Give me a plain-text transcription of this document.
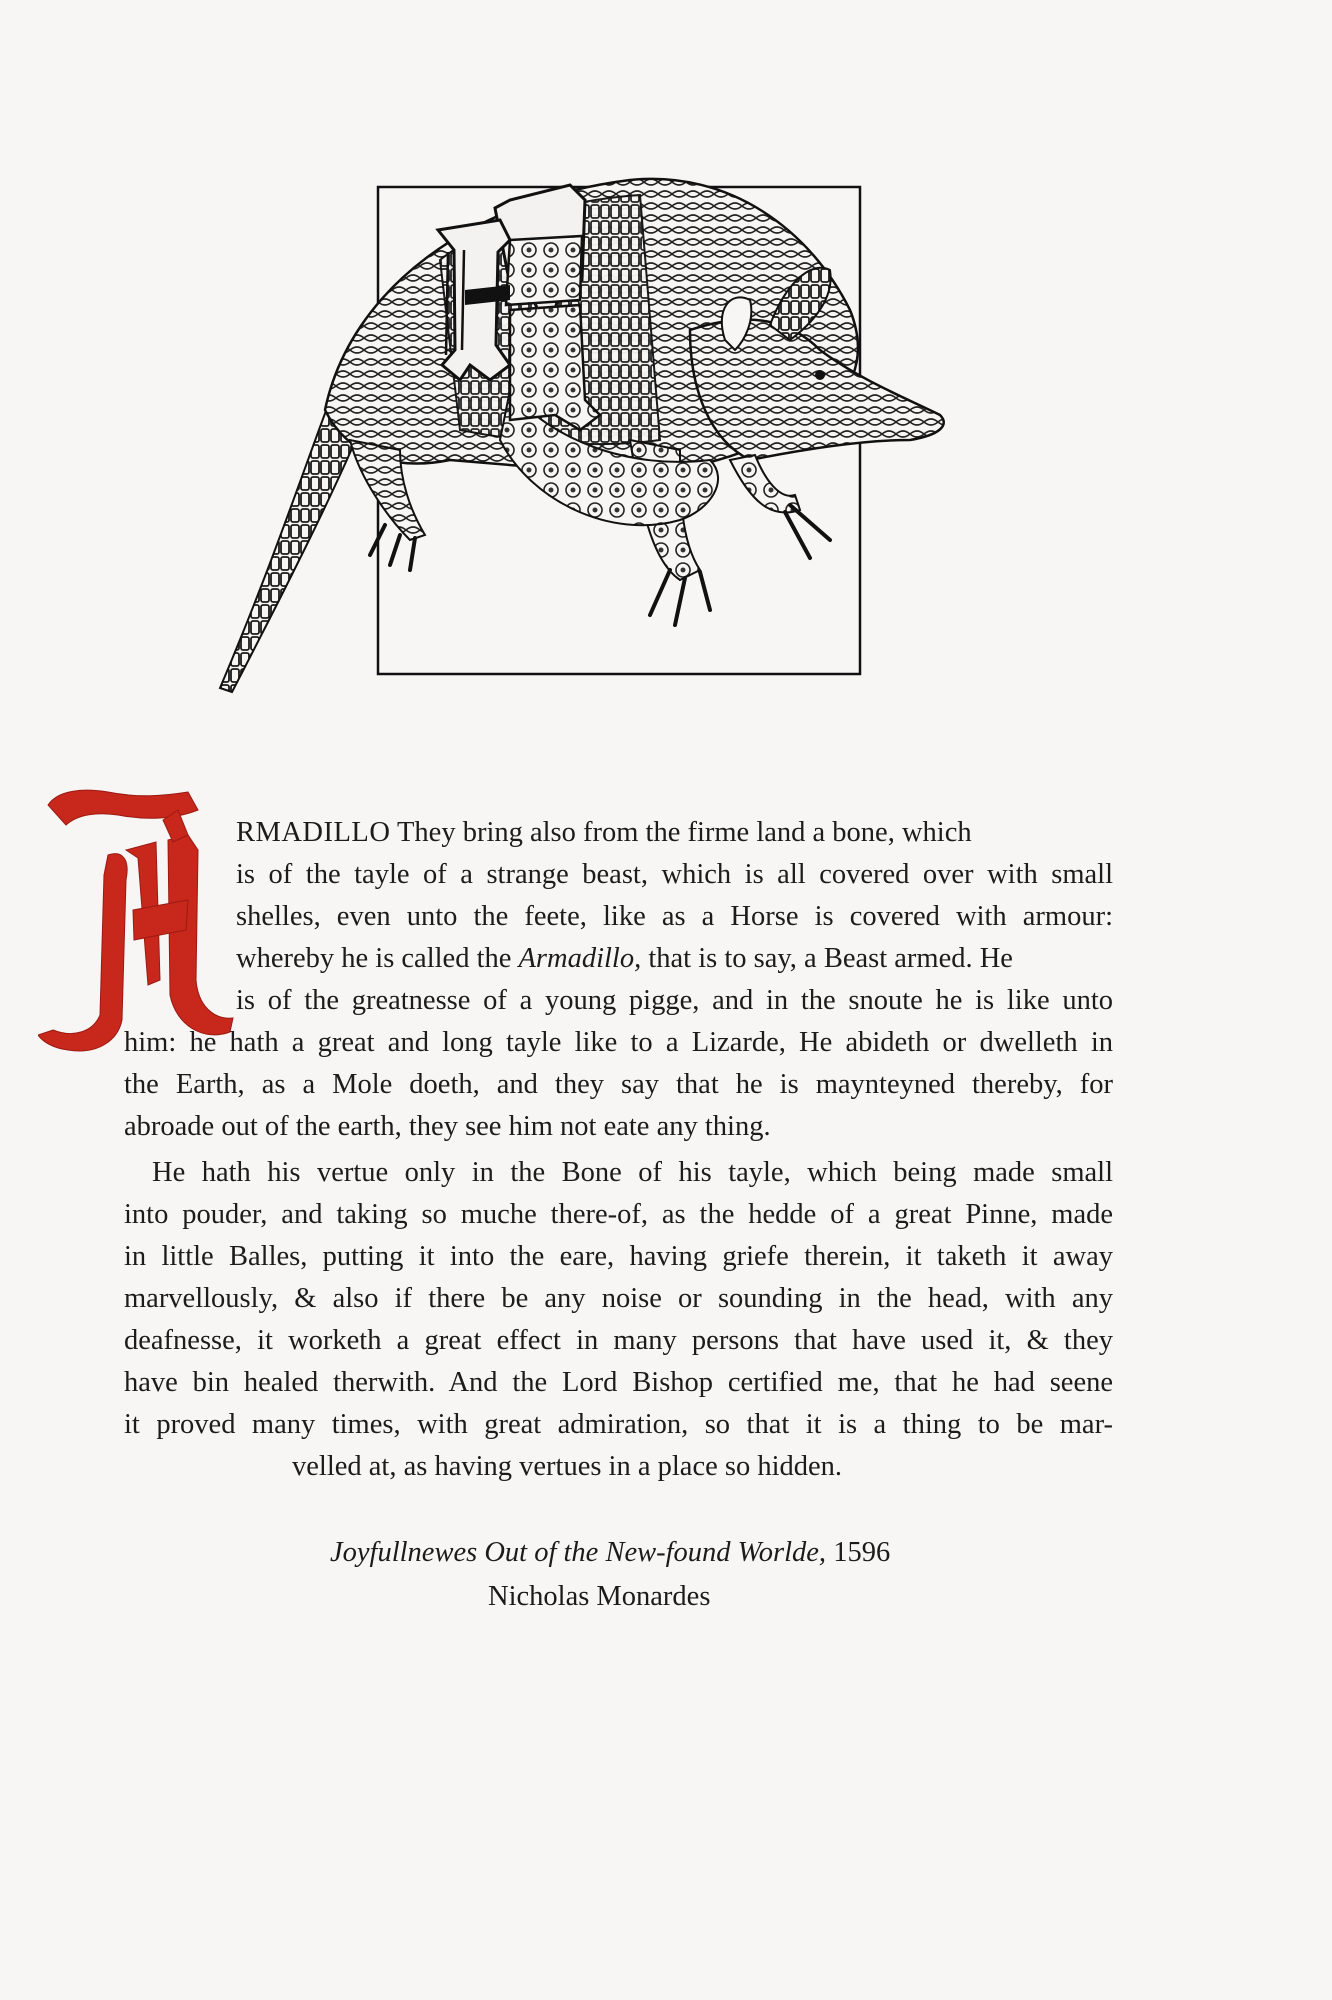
RMADILLO They bring also from the firme land a bone, which
is of the tayle of a strange beast, which is all covered over with small
shelles, even unto the feete, like as a Horse is covered with armour:
whereby he is called the Armadillo, that is to say, a Beast armed. He
is of the greatnesse of a young pigge, and in the snoute he is like unto
him: he hath a great and long tayle like to a Lizarde, He abideth or dwelleth in
the Earth, as a Mole doeth, and they say that he is maynteyned thereby, for
abroade out of the earth, they see him not eate any thing.
He hath his vertue only in the Bone of his tayle, which being made small
into pouder, and taking so muche there-of, as the hedde of a great Pinne, made
in little Balles, putting it into the eare, having griefe therein, it taketh it away
marvellously, & also if there be any noise or sounding in the head, with any
deafnesse, it worketh a great effect in many persons that have used it, & they
have bin healed therwith. And the Lord Bishop certified me, that he had seene
it proved many times, with great admiration, so that it is a thing to be mar-
velled at, as having vertues in a place so hidden.
Joyfullnewes Out of the New-found Worlde, 1596
Nicholas Monardes
